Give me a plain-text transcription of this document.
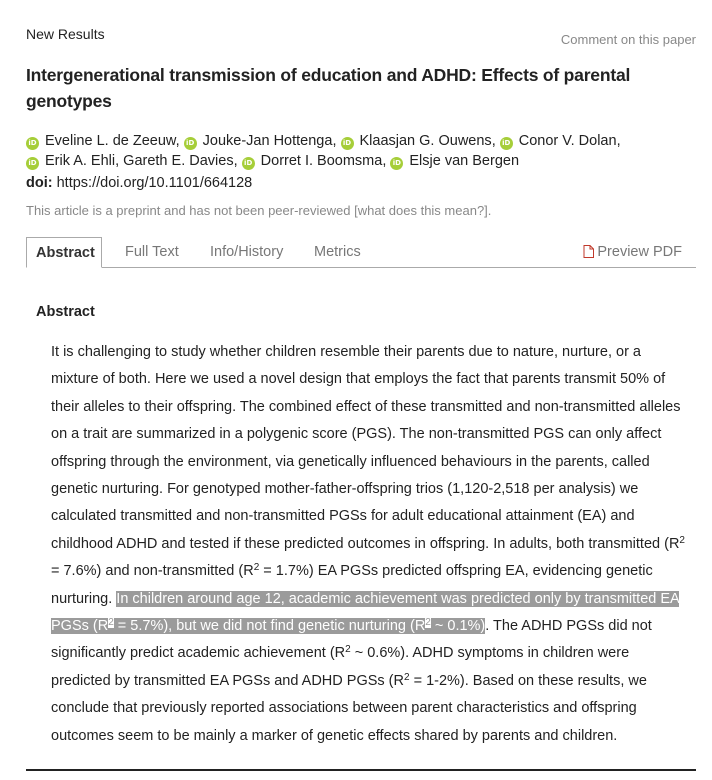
New Results	Comment on this paper
Intergenerational transmission of education and ADHD: Effects of parental genotypes
iD Eveline L. de Zeeuw, iD Jouke-Jan Hottenga, iD Klaasjan G. Ouwens, iD Conor V. Dolan,
iD Erik A. Ehli, Gareth E. Davies, iD Dorret I. Boomsma, iD Elsje van Bergen
doi: https://doi.org/10.1101/664128
This article is a preprint and has not been peer-reviewed [what does this mean?].
Abstract	Full Text	Info/History	Metrics	Preview PDF
Abstract
It is challenging to study whether children resemble their parents due to nature, nurture, or a mixture of both. Here we used a novel design that employs the fact that parents transmit 50% of their alleles to their offspring. The combined effect of these transmitted and non-transmitted alleles on a trait are summarized in a polygenic score (PGS). The non-transmitted PGS can only affect offspring through the environment, via genetically influenced behaviours in the parents, called genetic nurturing. For genotyped mother-father-offspring trios (1,120-2,518 per analysis) we calculated transmitted and non-transmitted PGSs for adult educational attainment (EA) and childhood ADHD and tested if these predicted outcomes in offspring. In adults, both transmitted $(R^2 = 7.6\%)$ and non-transmitted $(R^2 = 1.7\%)$ EA PGSs predicted offspring EA, evidencing genetic nurturing. In children around age 12, academic achievement was predicted only by transmitted EA PGSs $(R^2 = 5.7\%)$, but we did not find genetic nurturing ($R^2$ ~ 0.1%). The ADHD PGSs did not significantly predict academic achievement ($R^2$ ~ 0.6%). ADHD symptoms in children were predicted by transmitted EA PGSs and ADHD PGSs $(R^2 = 1-2\%)$. Based on these results, we conclude that previously reported associations between parent characteristics and offspring outcomes seem to be mainly a marker of genetic effects shared by parents and children.
